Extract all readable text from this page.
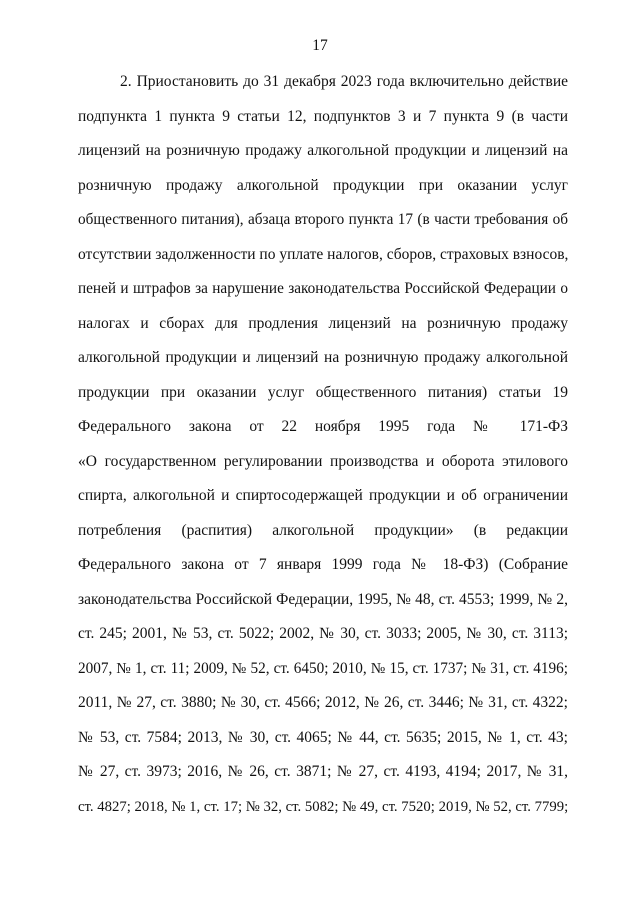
17
2. Приостановить до 31 декабря 2023 года включительно действие
подпункта 1 пункта 9 статьи 12, подпунктов 3 и 7 пункта 9 (в части
лицензий на розничную продажу алкогольной продукции и лицензий на
розничную продажу алкогольной продукции при оказании услуг
общественного питания), абзаца второго пункта 17 (в части требования об
отсутствии задолженности по уплате налогов, сборов, страховых взносов,
пеней и штрафов за нарушение законодательства Российской Федерации о
налогах и сборах для продления лицензий на розничную продажу
алкогольной продукции и лицензий на розничную продажу алкогольной
продукции при оказании услуг общественного питания) статьи 19
Федерального закона от 22 ноября 1995 года № 171-ФЗ
«О государственном регулировании производства и оборота этилового
спирта, алкогольной и спиртосодержащей продукции и об ограничении
потребления (распития) алкогольной продукции» (в редакции
Федерального закона от 7 января 1999 года № 18-ФЗ) (Собрание
законодательства Российской Федерации, 1995, № 48, ст. 4553; 1999, № 2,
ст. 245; 2001, № 53, ст. 5022; 2002, № 30, ст. 3033; 2005, № 30, ст. 3113;
2007, № 1, ст. 11; 2009, № 52, ст. 6450; 2010, № 15, ст. 1737; № 31, ст. 4196;
2011, № 27, ст. 3880; № 30, ст. 4566; 2012, № 26, ст. 3446; № 31, ст. 4322;
№ 53, ст. 7584; 2013, № 30, ст. 4065; № 44, ст. 5635; 2015, № 1, ст. 43;
№ 27, ст. 3973; 2016, № 26, ст. 3871; № 27, ст. 4193, 4194; 2017, № 31,
ст. 4827; 2018, № 1, ст. 17; № 32, ст. 5082; № 49, ст. 7520; 2019, № 52, ст. 7799;
